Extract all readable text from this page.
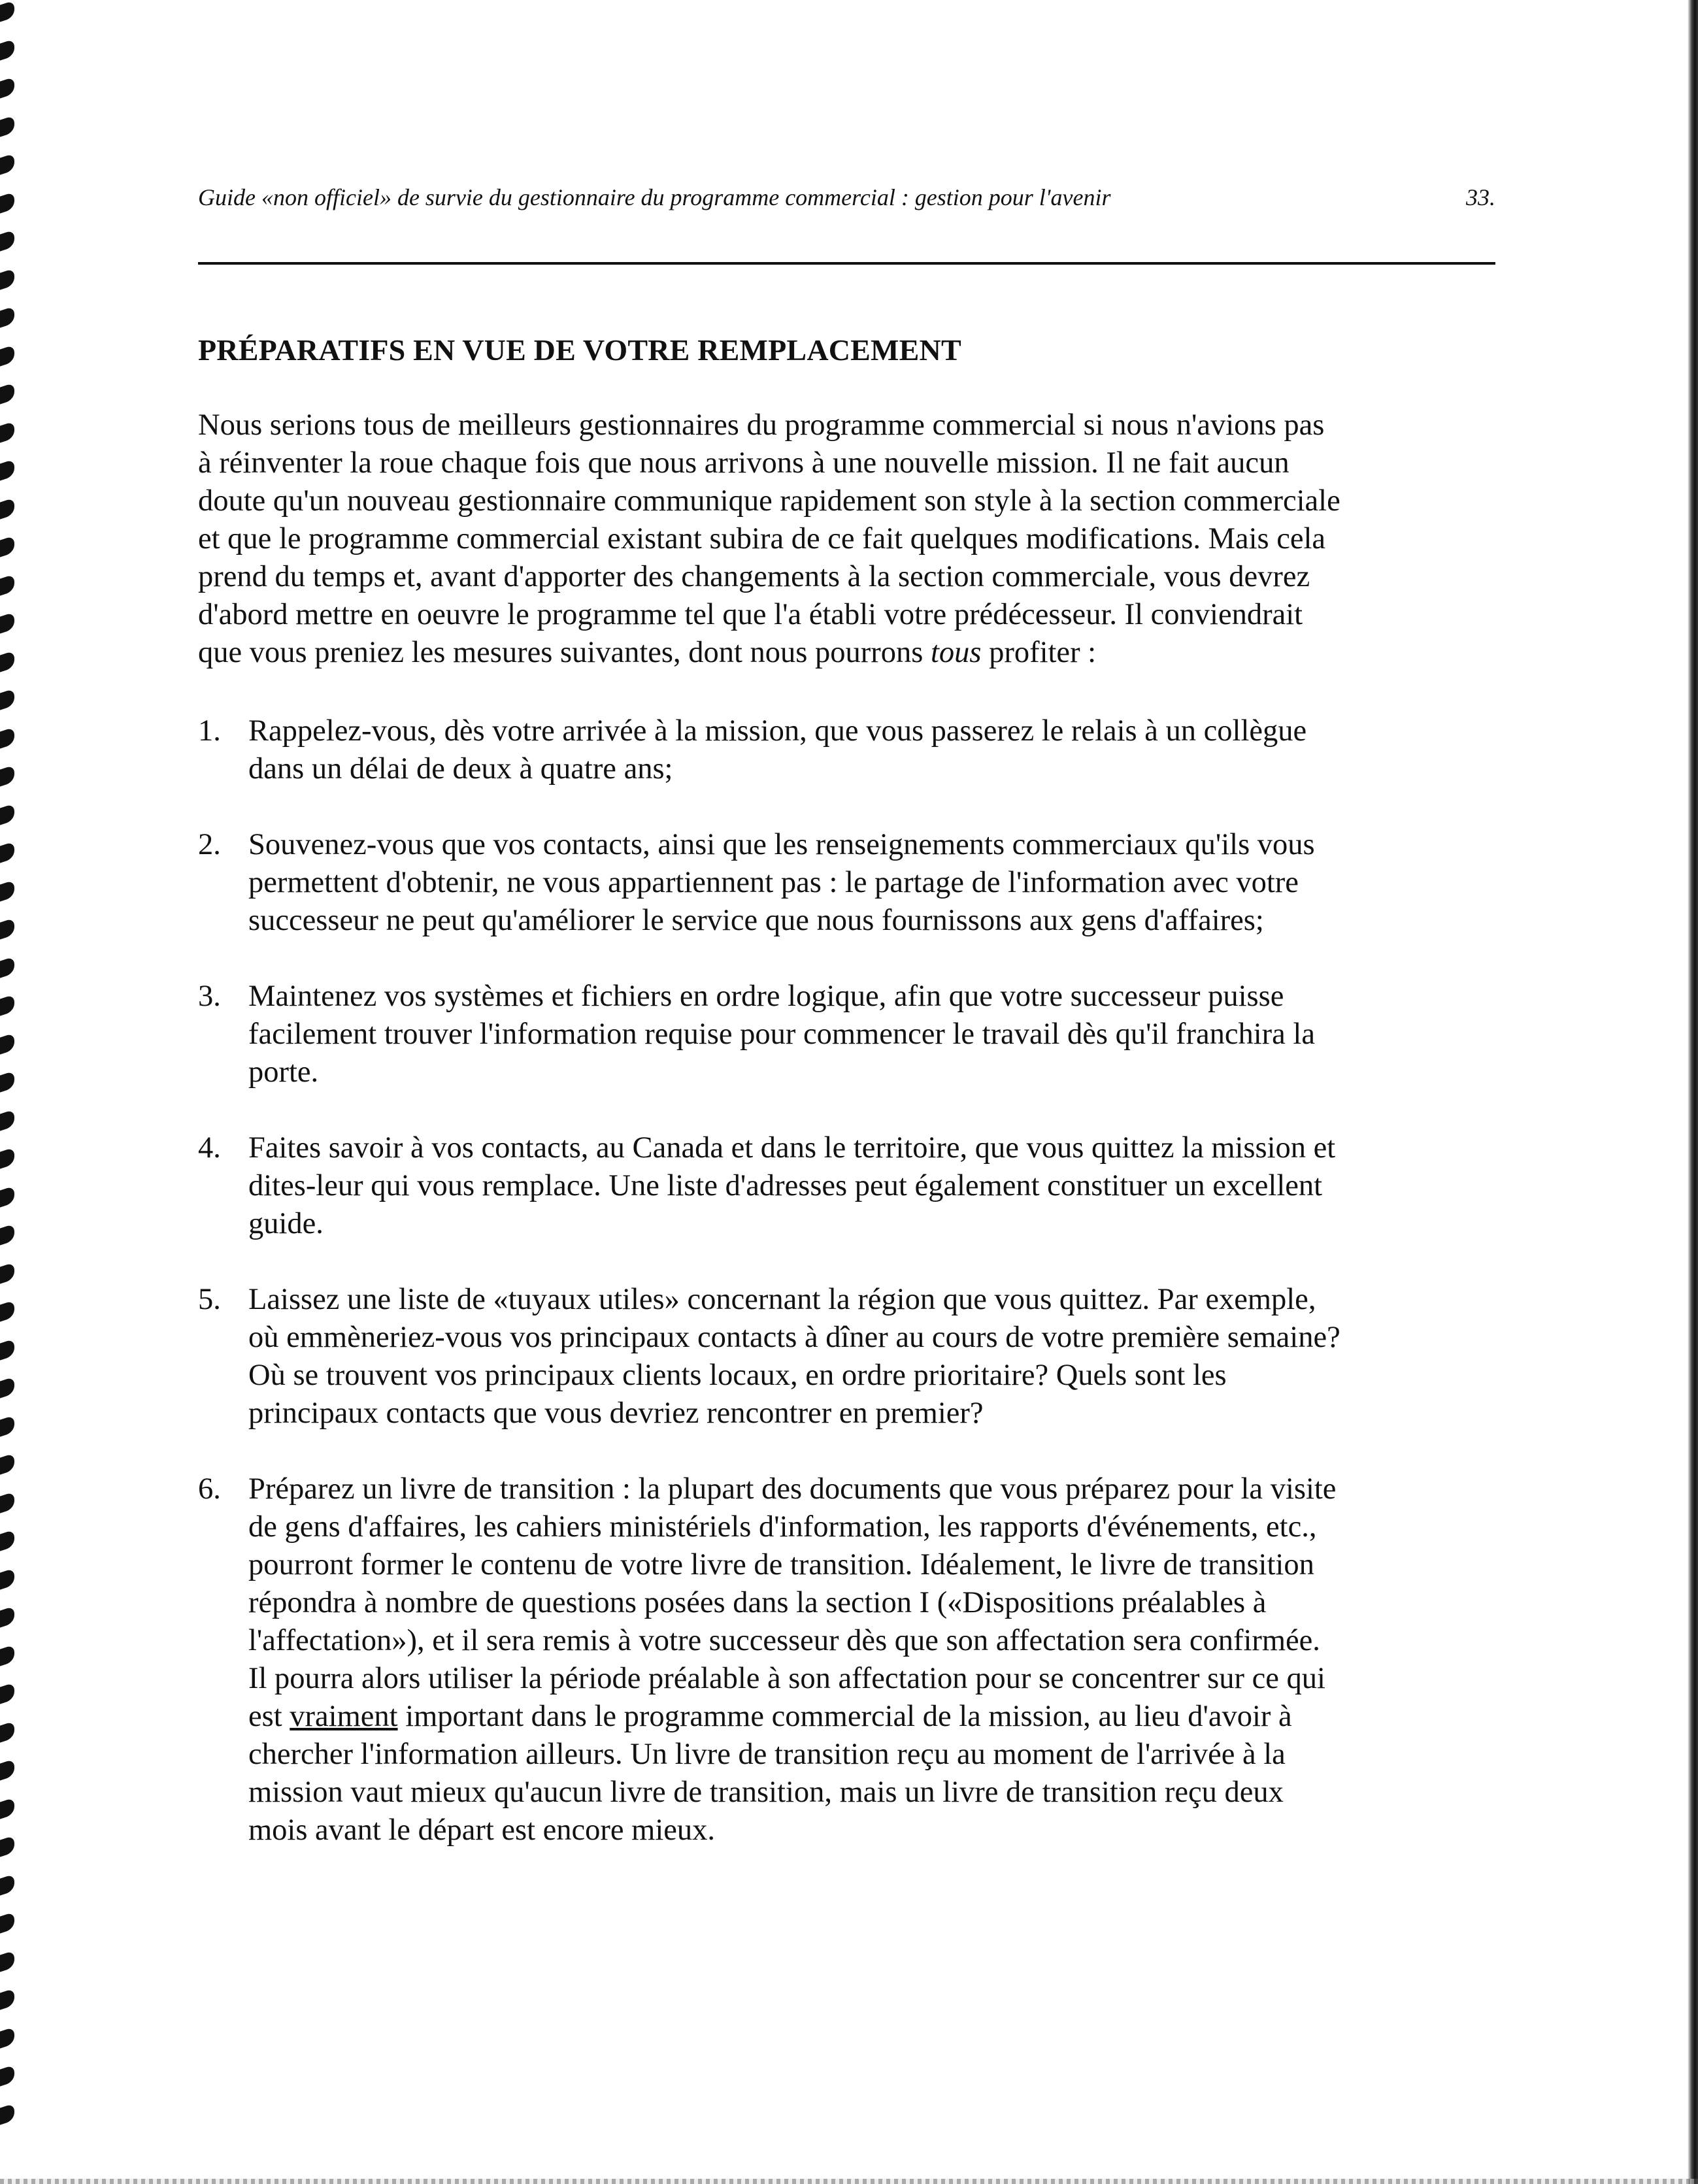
Guide «non officiel» de survie du gestionnaire du programme commercial : gestion pour l'avenir	33.
PRÉPARATIFS EN VUE DE VOTRE REMPLACEMENT

Nous serions tous de meilleurs gestionnaires du programme commercial si nous n'avions pas
à réinventer la roue chaque fois que nous arrivons à une nouvelle mission. Il ne fait aucun
doute qu'un nouveau gestionnaire communique rapidement son style à la section commerciale
et que le programme commercial existant subira de ce fait quelques modifications. Mais cela
prend du temps et, avant d'apporter des changements à la section commerciale, vous devrez
d'abord mettre en oeuvre le programme tel que l'a établi votre prédécesseur. Il conviendrait
que vous preniez les mesures suivantes, dont nous pourrons tous profiter :

1. Rappelez-vous, dès votre arrivée à la mission, que vous passerez le relais à un collègue
dans un délai de deux à quatre ans;
2. Souvenez-vous que vos contacts, ainsi que les renseignements commerciaux qu'ils vous
permettent d'obtenir, ne vous appartiennent pas : le partage de l'information avec votre
successeur ne peut qu'améliorer le service que nous fournissons aux gens d'affaires;
3. Maintenez vos systèmes et fichiers en ordre logique, afin que votre successeur puisse
facilement trouver l'information requise pour commencer le travail dès qu'il franchira la
porte.
4. Faites savoir à vos contacts, au Canada et dans le territoire, que vous quittez la mission et
dites-leur qui vous remplace. Une liste d'adresses peut également constituer un excellent
guide.
5. Laissez une liste de «tuyaux utiles» concernant la région que vous quittez. Par exemple,
où emmèneriez-vous vos principaux contacts à dîner au cours de votre première semaine?
Où se trouvent vos principaux clients locaux, en ordre prioritaire? Quels sont les
principaux contacts que vous devriez rencontrer en premier?
6. Préparez un livre de transition : la plupart des documents que vous préparez pour la visite
de gens d'affaires, les cahiers ministériels d'information, les rapports d'événements, etc.,
pourront former le contenu de votre livre de transition. Idéalement, le livre de transition
répondra à nombre de questions posées dans la section I («Dispositions préalables à
l'affectation»), et il sera remis à votre successeur dès que son affectation sera confirmée.
Il pourra alors utiliser la période préalable à son affectation pour se concentrer sur ce qui
est vraiment important dans le programme commercial de la mission, au lieu d'avoir à
chercher l'information ailleurs. Un livre de transition reçu au moment de l'arrivée à la
mission vaut mieux qu'aucun livre de transition, mais un livre de transition reçu deux
mois avant le départ est encore mieux.
